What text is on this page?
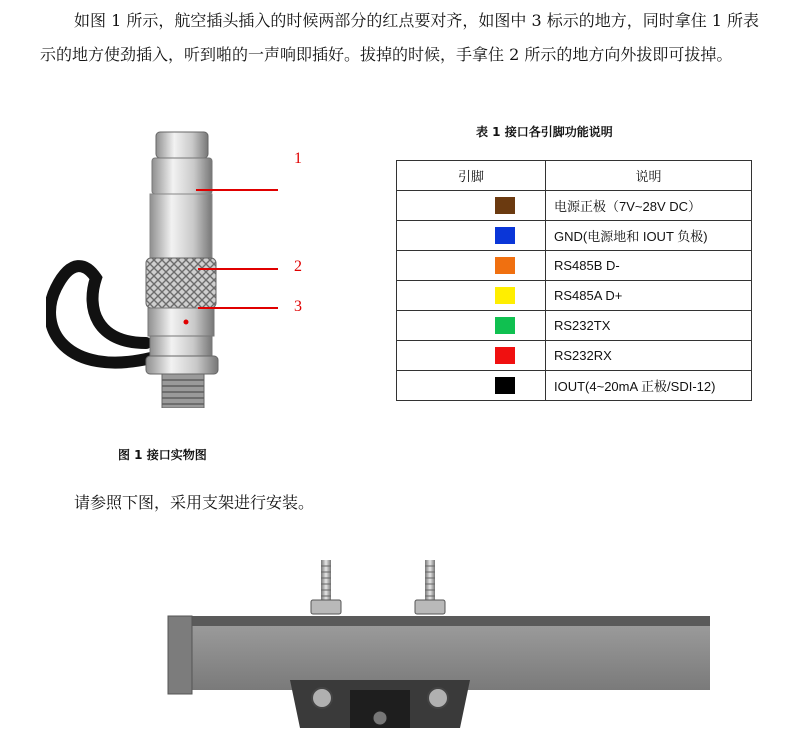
如图 1 所示，航空插头插入的时候两部分的红点要对齐，如图中 3 标示的地方，同时拿住 1 所表示的地方使劲插入，听到啪的一声响即插好。拔掉的时候，手拿住 2 所示的地方向外拔即可拔掉。

1
2
3
图 1 接口实物图
表 1 接口各引脚功能说明
引脚	说明

	电源正极（7V~28V DC）

	GND(电源地和 IOUT 负极)

	RS485B D-

	RS485A D+

	RS232TX

	RS232RX

	IOUT(4~20mA 正极/SDI-12)

请参照下图，采用支架进行安装。
